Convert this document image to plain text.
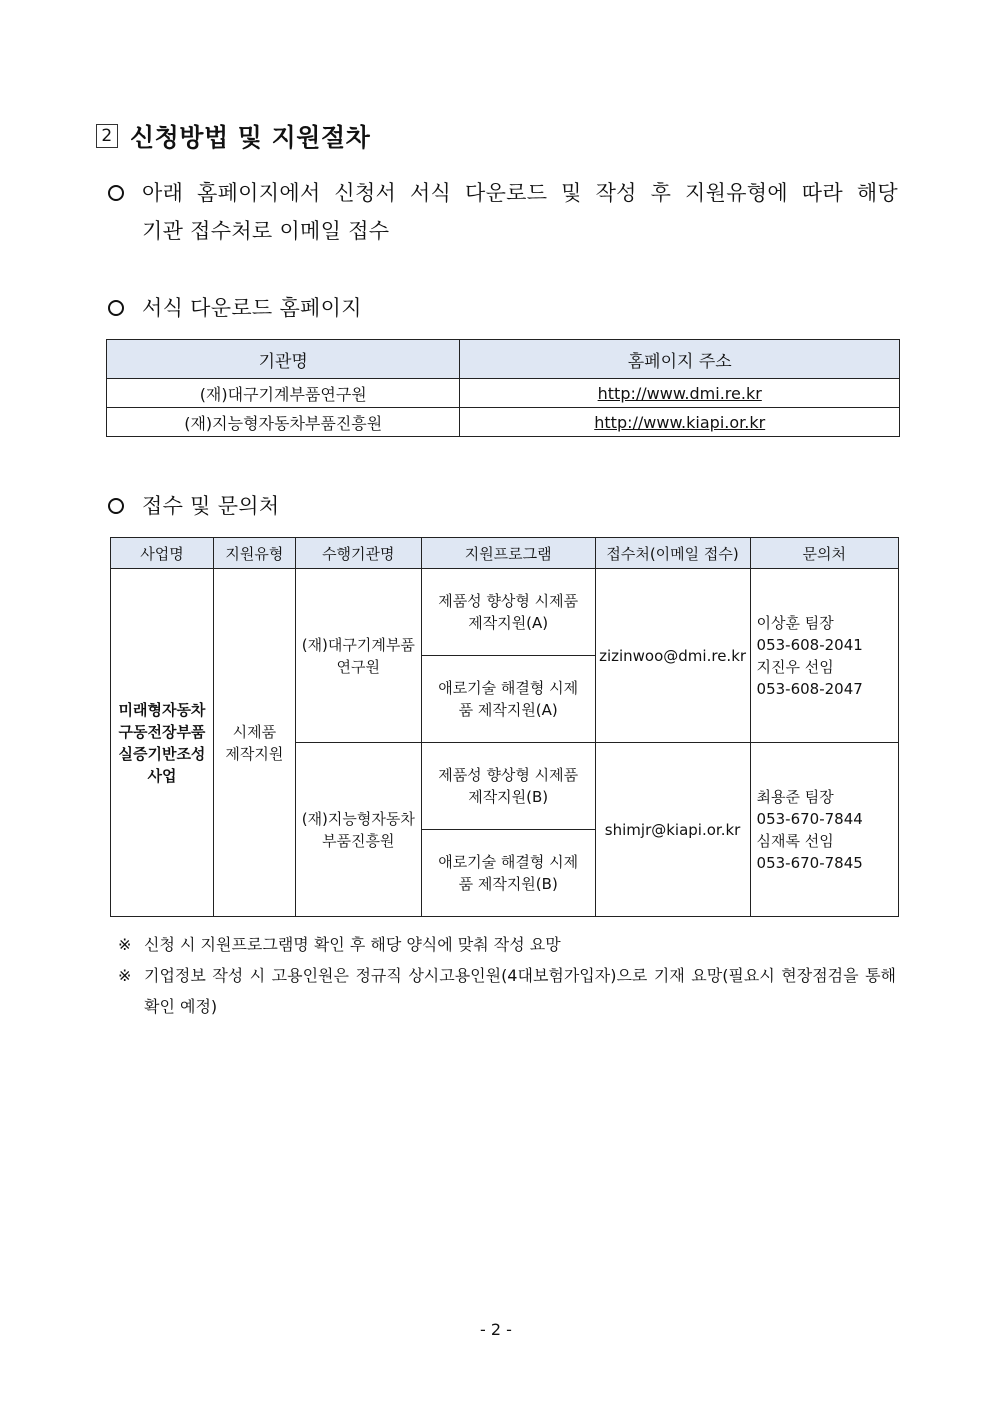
2 신청방법 및 지원절차
아래 홈페이지에서 신청서 서식 다운로드 및 작성 후 지원유형에 따라 해당
기관 접수처로 이메일 접수
서식 다운로드 홈페이지
기관명	홈페이지 주소
(재)대구기계부품연구원	http://www.dmi.re.kr
(재)지능형자동차부품진흥원	http://www.kiapi.or.kr
접수 및 문의처
사업명	지원유형	수행기관명	지원프로그램	접수처(이메일 접수)	문의처

미래형자동차 구동전장부품 실증기반조성 사업	시제품 제작지원	(재)대구기계부품 연구원	제품성 향상형 시제품 제작지원(A)	zizinwoo@dmi.re.kr	이상훈 팀장
053-608-2041
지진우 선임
053-608-2047

			애로기술 해결형 시제품 제작지원(A)		

		(재)지능형자동차 부품진흥원	제품성 향상형 시제품 제작지원(B)	shimjr@kiapi.or.kr	최용준 팀장
053-670-7844
심재록 선임
053-670-7845

			애로기술 해결형 시제품 제작지원(B)		
※ 신청 시 지원프로그램명 확인 후 해당 양식에 맞춰 작성 요망
※ 기업정보 작성 시 고용인원은 정규직 상시고용인원(4대보험가입자)으로 기재 요망(필요시 현장점검을 통해 확인 예정)
- 2 -
